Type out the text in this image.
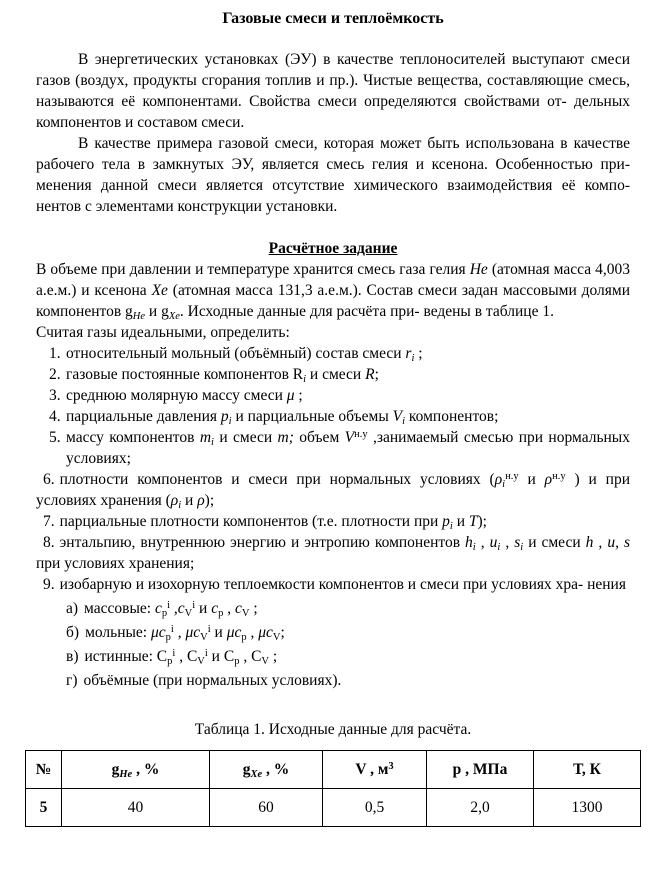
Газовые смеси и теплоёмкость

В энергетических установках (ЭУ) в качестве теплоносителей выступают смеси газов (воздух, продукты сгорания топлив и пр.). Чистые вещества, составляющие смесь, называются её компонентами. Свойства смеси определяются свойствами от- дельных компонентов и составом смеси.

В качестве примера газовой смеси, которая может быть использована в качестве рабочего тела в замкнутых ЭУ, является смесь гелия и ксенона. Особенностью при- менения данной смеси является отсутствие химического взаимодействия её компо- нентов с элементами конструкции установки.

Расчётное задание

В объеме при давлении и температуре хранится смесь газа гелия He (атомная масса 4,003 а.е.м.) и ксенона Xe (атомная масса 131,3 а.е.м.). Состав смеси задан массовыми долями компонентов $g_{He}$ и $g_{Xe}$. Исходные данные для расчёта при- ведены в таблице 1.

Считая газы идеальными, определить:

1. относительный мольный (объёмный) состав смеси $r_i$ ;
2. газовые постоянные компонентов $R_i$ и смеси R;
3. среднюю молярную массу смеси μ ;
4. парциальные давления $p_i$ и парциальные объемы $V_i$ компонентов;
5. массу компонентов $m_i$ и смеси m; объем $V^{н.у}$ ,занимаемый смесью при нормальных условиях;
6. плотности компонентов и смеси при нормальных условиях ($\rho_i^{н.у}$ и $\rho^{н.у}$ ) и при условиях хранения ($\rho_i$ и ρ);
7. парциальные плотности компонентов (т.е. плотности при $p_i$ и T);
8. энтальпию, внутреннюю энергию и энтропию компонентов $h_i$ , $u_i$ , $s_i$ и смеси h , u, s при условиях хранения;
9. изобарную и изохорную теплоемкости компонентов и смеси при условиях хра- нения
а) массовые: $c_p^i$ $,c_V^i$ и $c_p$ , $c_V$ ;
б) мольные: $\mu c_p^i$ , $\mu c_V^i$ и $\mu c_p$ , $\mu c_V$;
в) истинные: $C_p^i$ , $C_V^i$ и $C_p$ , $C_V$ ;
г) объёмные (при нормальных условиях).

Таблица 1. Исходные данные для расчёта.

№	$g_{He}$ , %	$g_{Xe}$ , %	V , $м^3$	p , МПа	Т, К
5	40	60	0,5	2,0	1300
